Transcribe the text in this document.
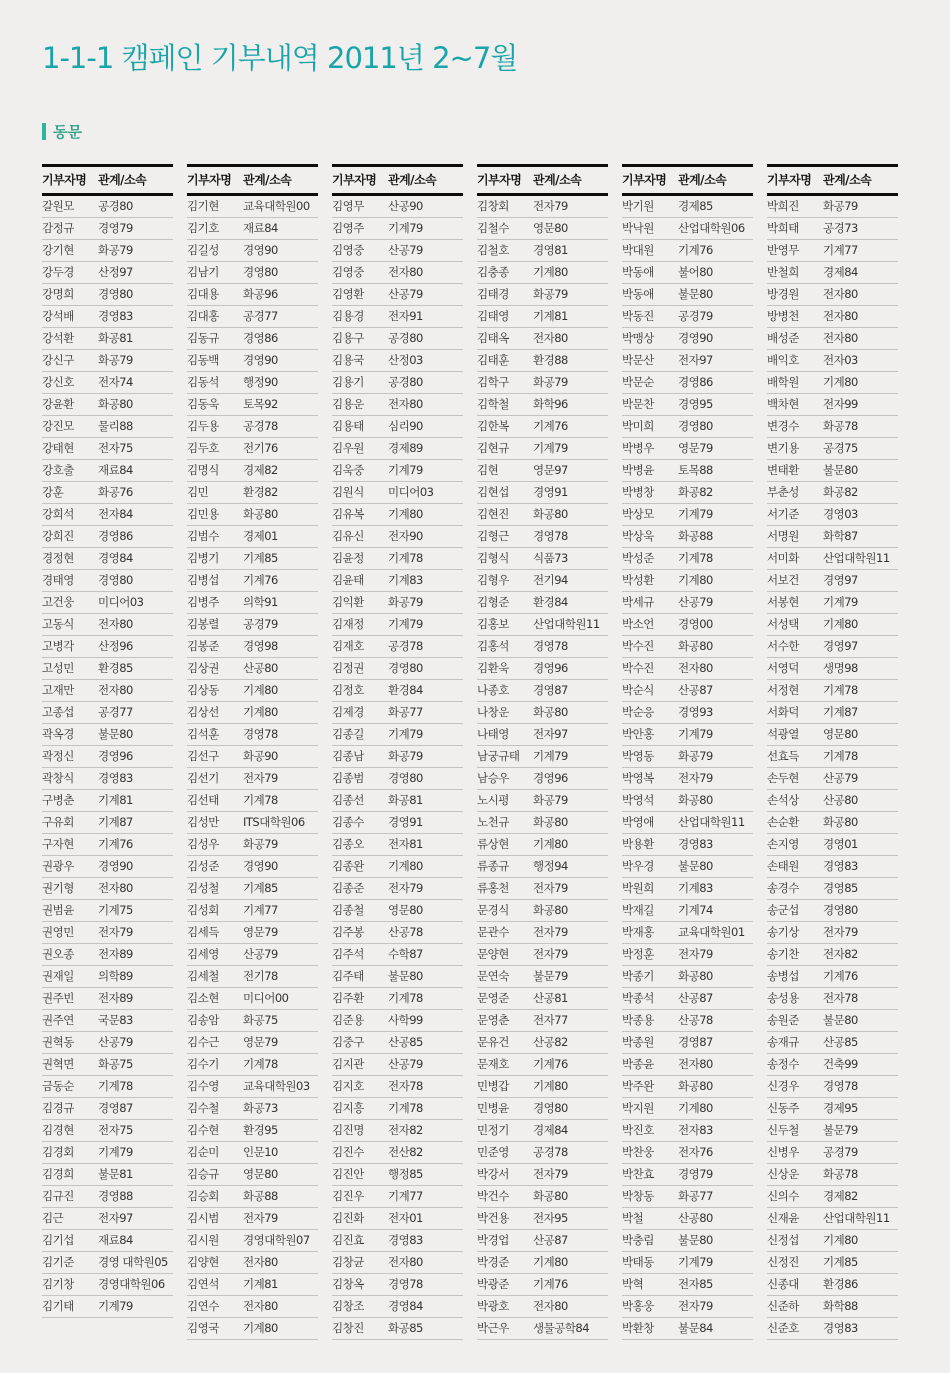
1-1-1 캠페인 기부내역 2011년 2~7월
동문
기부자명 관계/소속
갈원모	공경80
감정규	경영79
강기현	화공79
강두경	산정97
강명희	경영80
강석배	경영83
강석환	화공81
강신구	화공79
강신호	전자74
강윤환	화공80
강진모	물리88
강태현	전자75
강호출	재료84
강훈	화공76
강희석	전자84
강희진	경영86
경정현	경영84
경태영	경영80
고건웅	미디어03
고동식	전자80
고병각	산정96
고성민	환경85
고재만	전자80
고종섭	공경77
곽옥경	불문80
곽정신	경영96
곽창식	경영83
구병춘	기계81
구유회	기계87
구자현	기계76
권광우	경영90
권기형	전자80
권범윤	기계75
권영민	전자79
권오종	전자89
권재일	의학89
권주빈	전자89
권주연	국문83
권혁동	산공79
권혁면	화공75
금동순	기계78
김경규	경영87
김경현	전자75
김경회	기계79
김경희	불문81
김규진	경영88
김근	전자97
김기섭	재료84
김기준	경영 대학원05
김기창	경영대학원06
김기태	기계79
기부자명 관계/소속
김기현	교육대학원00
김기호	재료84
김길성	경영90
김남기	경영80
김대용	화공96
김대홍	공경77
김동규	경영86
김동백	경영90
김동석	행정90
김동욱	토목92
김두용	공경78
김두호	전기76
김명식	경제82
김민	환경82
김민용	화공80
김범수	경제01
김병기	기계85
김병섭	기계76
김병주	의학91
김봉렬	공경79
김봉준	경영98
김상권	산공80
김상동	기계80
김상선	기계80
김석훈	경영78
김선구	화공90
김선기	전자79
김선태	기계78
김성만	ITS대학원06
김성우	화공79
김성준	경영90
김성철	기계85
김성회	기계77
김세득	영문79
김세영	산공79
김세철	전기78
김소현	미디어00
김송암	화공75
김수근	영문79
김수기	기계78
김수영	교육대학원03
김수철	화공73
김수현	환경95
김순미	인문10
김승규	영문80
김승회	화공88
김시범	전자79
김시원	경영대학원07
김양현	전자80
김연석	기계81
김연수	전자80
김영국	기계80
기부자명 관계/소속
김영무	산공90
김영주	기계79
김영중	산공79
김영중	전자80
김영환	산공79
김용경	전자91
김용구	공경80
김용국	산정03
김용기	공경80
김용운	전자80
김용태	심리90
김우원	경제89
김욱중	기계79
김원식	미디어03
김유복	기계80
김유신	전자90
김윤정	기계78
김윤태	기계83
김익환	화공79
김재정	기계79
김재호	공경78
김정권	경영80
김정호	환경84
김제경	화공77
김종길	기계79
김종남	화공79
김종범	경영80
김종선	화공81
김종수	경영91
김종오	전자81
김종완	기계80
김종준	전자79
김종철	영문80
김주봉	산공78
김주석	수학87
김주태	불문80
김주환	기계78
김준용	사학99
김중구	산공85
김지관	산공79
김지호	전자78
김지흥	기계78
김진명	전자82
김진수	전산82
김진안	행정85
김진우	기계77
김진화	전자01
김진효	경영83
김창균	전자80
김창옥	경영78
김창조	경영84
김창진	화공85
기부자명 관계/소속
김창회	전자79
김철수	영문80
김철호	경영81
김충종	기계80
김태경	화공79
김태영	기계81
김태옥	전자80
김태훈	환경88
김학구	화공79
김학철	화학96
김한복	기계76
김현규	기계79
김현	영문97
김현섭	경영91
김현진	화공80
김형근	경영78
김형식	식품73
김형우	전기94
김형준	환경84
김홍보	산업대학원11
김홍석	경영78
김환욱	경영96
나종호	경영87
나창운	화공80
나태영	전자97
남궁규태	기계79
남승우	경영96
노시평	화공79
노천규	화공80
류상현	기계80
류종규	행정94
류홍천	전자79
문경식	화공80
문관수	전자79
문양현	전자79
문연숙	불문79
문영준	산공81
문영춘	전자77
문유건	산공82
문재호	기계76
민병갑	기계80
민병윤	경영80
민정기	경제84
민준영	공경78
박강서	전자79
박건수	화공80
박건용	전자95
박경업	산공87
박경준	기계80
박광준	기계76
박광호	전자80
박근우	생물공학84
기부자명 관계/소속
박기원	경제85
박낙원	산업대학원06
박대원	기계76
박동애	불어80
박동애	불문80
박동진	공경79
박맹상	경영90
박문산	전자97
박문순	경영86
박문찬	경영95
박미희	경영80
박병우	영문79
박병윤	토목88
박병창	화공82
박상모	기계79
박상욱	화공88
박성준	기계78
박성환	기계80
박세규	산공79
박소언	경영00
박수진	화공80
박수진	전자80
박순식	산공87
박순응	경영93
박안홍	기계79
박영동	화공79
박영복	전자79
박영석	화공80
박영애	산업대학원11
박용환	경영83
박우경	불문80
박원희	기계83
박재길	기계74
박재홍	교육대학원01
박정훈	전자79
박종기	화공80
박종석	산공87
박종용	산공78
박종원	경영87
박종윤	전자80
박주완	화공80
박지원	기계80
박진호	전자83
박찬웅	전자76
박찬효	경영79
박창동	화공77
박철	산공80
박충림	불문80
박태동	기계79
박혁	전자85
박홍웅	전자79
박환창	불문84
기부자명 관계/소속
박희진	화공79
박희태	공경73
반영무	기계77
반철희	경제84
방경원	전자80
방병천	전자80
배성준	전자80
배익호	전자03
배학원	기계80
백차현	전자99
변경수	화공78
변기용	공경75
변태환	불문80
부춘성	화공82
서기준	경영03
서명원	화학87
서미화	산업대학원11
서보건	경영97
서봉현	기계79
서성택	기계80
서수한	경영97
서영덕	생명98
서정현	기계78
서화덕	기계87
석광열	영문80
선효득	기계78
손두현	산공79
손석상	산공80
손순환	화공80
손지영	경영01
손태원	경영83
송경수	경영85
송군섭	경영80
송기상	전자79
송기찬	전자82
송병섭	기계76
송성용	전자78
송원준	불문80
송재규	산공85
송정수	건축99
신경우	경영78
신동주	경제95
신두철	불문79
신병우	공경79
신상운	화공78
신의수	경제82
신재윤	산업대학원11
신정섭	기계80
신정진	기계85
신종대	환경86
신준하	화학88
신준호	경영83
